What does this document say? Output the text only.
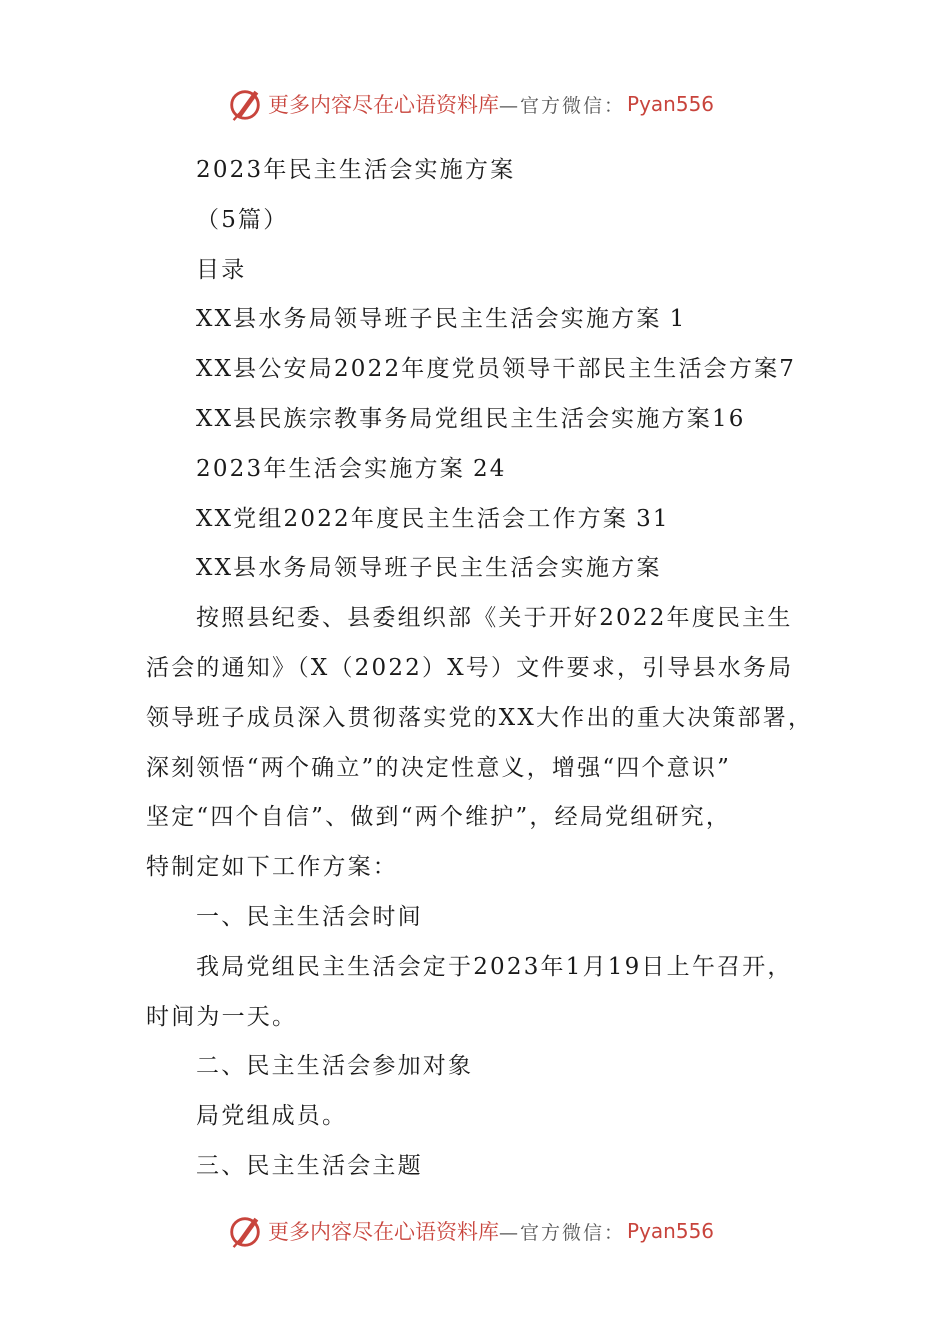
更多内容尽在心语资料库 —官方微信： Pyan556

2023年民主生活会实施方案

（5篇）

目录

XX县水务局领导班子民主生活会实施方案 1

XX县公安局2022年度党员领导干部民主生活会方案7

XX县民族宗教事务局党组民主生活会实施方案16

2023年生活会实施方案 24

XX党组2022年度民主生活会工作方案 31

XX县水务局领导班子民主生活会实施方案

按照县纪委、县委组织部《关于开好2022年度民主生

活会的通知》（X（2022）X号）文件要求，引导县水务局

领导班子成员深入贯彻落实党的XX大作出的重大决策部署，

深刻领悟“两个确立”的决定性意义，增强“四个意识”

坚定“四个自信”、做到“两个维护”，经局党组研究，

特制定如下工作方案：

一、民主生活会时间

我局党组民主生活会定于2023年1月19日上午召开，

时间为一天。

二、民主生活会参加对象

局党组成员。

三、民主生活会主题

更多内容尽在心语资料库 —官方微信： Pyan556
